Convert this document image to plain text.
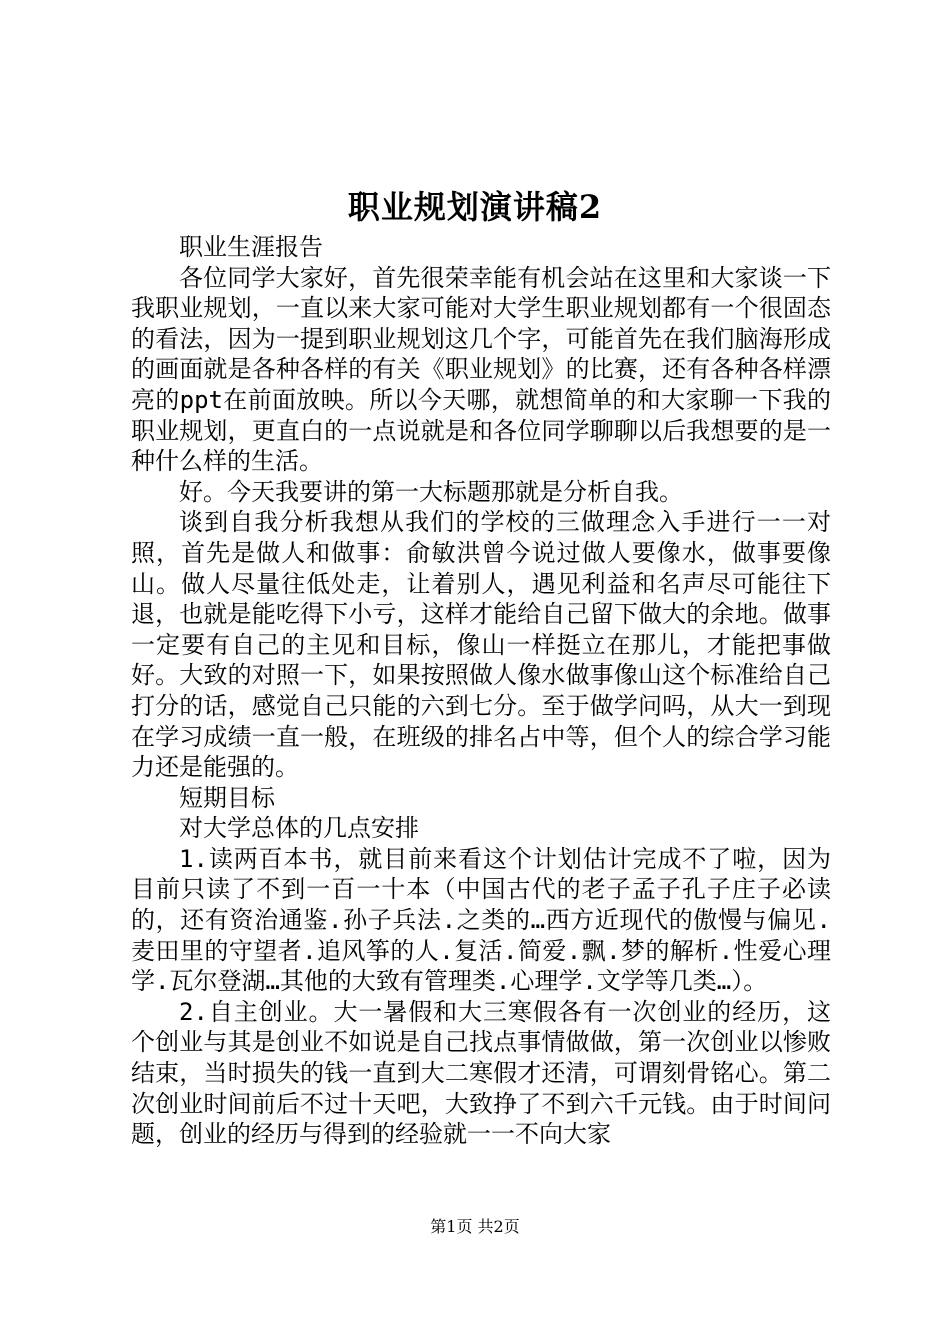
职业规划演讲稿2

职业生涯报告

各位同学大家好，首先很荣幸能有机会站在这里和大家谈一下我职业规划，一直以来大家可能对大学生职业规划都有一个很固态的看法，因为一提到职业规划这几个字，可能首先在我们脑海形成的画面就是各种各样的有关《职业规划》的比赛，还有各种各样漂亮的ppt在前面放映。所以今天哪，就想简单的和大家聊一下我的职业规划，更直白的一点说就是和各位同学聊聊以后我想要的是一种什么样的生活。

好。今天我要讲的第一大标题那就是分析自我。

谈到自我分析我想从我们的学校的三做理念入手进行一一对照，首先是做人和做事：俞敏洪曾今说过做人要像水，做事要像山。做人尽量往低处走，让着别人，遇见利益和名声尽可能往下退，也就是能吃得下小亏，这样才能给自己留下做大的余地。做事一定要有自己的主见和目标，像山一样挺立在那儿，才能把事做好。大致的对照一下，如果按照做人像水做事像山这个标准给自己打分的话，感觉自己只能的六到七分。至于做学问吗，从大一到现在学习成绩一直一般，在班级的排名占中等，但个人的综合学习能力还是能强的。

短期目标

对大学总体的几点安排

1.读两百本书，就目前来看这个计划估计完成不了啦，因为目前只读了不到一百一十本（中国古代的老子孟子孔子庄子必读的，还有资治通鉴.孙子兵法.之类的…西方近现代的傲慢与偏见.麦田里的守望者.追风筝的人.复活.简爱.飘.梦的解析.性爱心理学.瓦尔登湖…其他的大致有管理类.心理学.文学等几类…）。

2.自主创业。大一暑假和大三寒假各有一次创业的经历，这个创业与其是创业不如说是自己找点事情做做，第一次创业以惨败结束，当时损失的钱一直到大二寒假才还清，可谓刻骨铭心。第二次创业时间前后不过十天吧，大致挣了不到六千元钱。由于时间问题，创业的经历与得到的经验就一一不向大家

第1页 共2页
